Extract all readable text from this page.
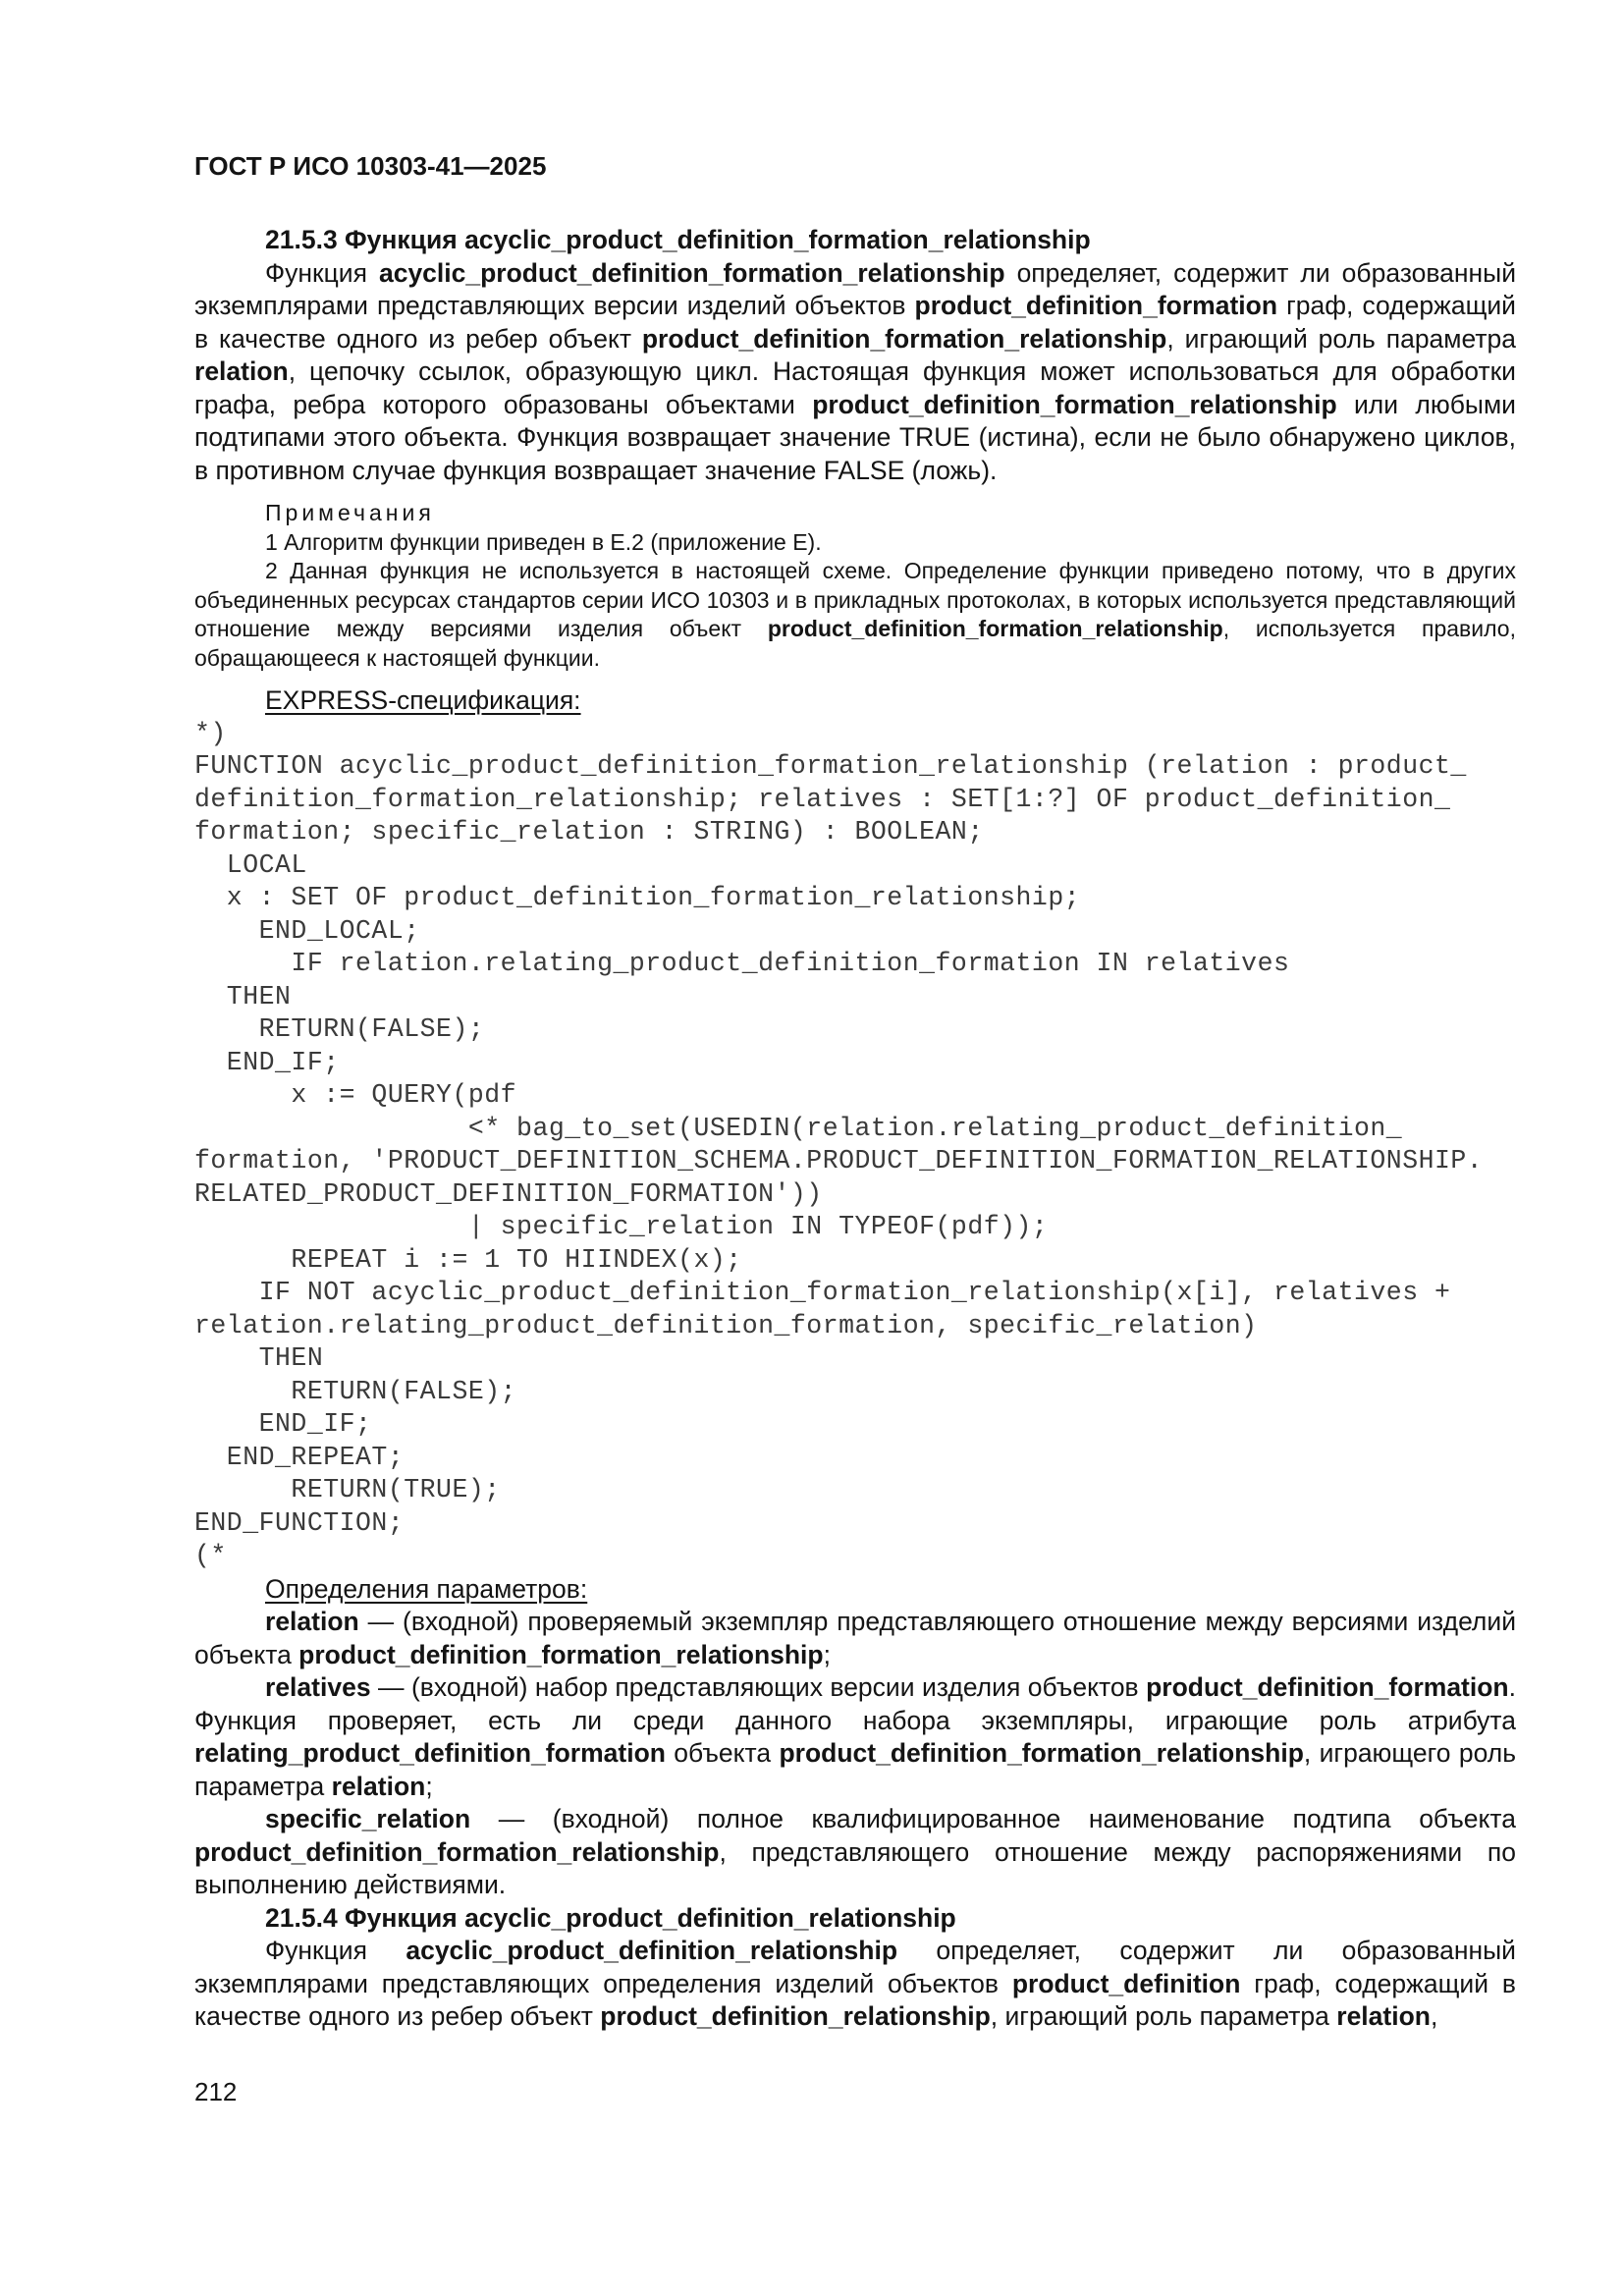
ГОСТ Р ИСО 10303-41—2025

21.5.3 Функция acyclic_product_definition_formation_relationship

Функция acyclic_product_definition_formation_relationship определяет, содержит ли образованный экземплярами представляющих версии изделий объектов product_definition_formation граф, содержащий в качестве одного из ребер объект product_definition_formation_relationship, играющий роль параметра relation, цепочку ссылок, образующую цикл. Настоящая функция может использоваться для обработки графа, ребра которого образованы объектами product_definition_formation_relationship или любыми подтипами этого объекта. Функция возвращает значение TRUE (истина), если не было обнаружено циклов, в противном случае функция возвращает значение FALSE (ложь).

Примечания

1 Алгоритм функции приведен в Е.2 (приложение Е).

2 Данная функция не используется в настоящей схеме. Определение функции приведено потому, что в других объединенных ресурсах стандартов серии ИСО 10303 и в прикладных протоколах, в которых используется представляющий отношение между версиями изделия объект product_definition_formation_relationship, используется правило, обращающееся к настоящей функции.

EXPRESS-спецификация:

*)
FUNCTION acyclic_product_definition_formation_relationship (relation : product_
definition_formation_relationship; relatives : SET[1:?] OF product_definition_
formation; specific_relation : STRING) : BOOLEAN;
LOCAL
x : SET OF product_definition_formation_relationship;
END_LOCAL;
IF relation.relating_product_definition_formation IN relatives
THEN
RETURN(FALSE);
END_IF;
x := QUERY(pdf
<* bag_to_set(USEDIN(relation.relating_product_definition_
formation, 'PRODUCT_DEFINITION_SCHEMA.PRODUCT_DEFINITION_FORMATION_RELATIONSHIP.
RELATED_PRODUCT_DEFINITION_FORMATION'))
| specific_relation IN TYPEOF(pdf));
REPEAT i := 1 TO HIINDEX(x);
IF NOT acyclic_product_definition_formation_relationship(x[i], relatives +
relation.relating_product_definition_formation, specific_relation)
THEN
RETURN(FALSE);
END_IF;
END_REPEAT;
RETURN(TRUE);
END_FUNCTION;
(*

Определения параметров:

relation — (входной) проверяемый экземпляр представляющего отношение между версиями изделий объекта product_definition_formation_relationship;

relatives — (входной) набор представляющих версии изделия объектов product_definition_formation. Функция проверяет, есть ли среди данного набора экземпляры, играющие роль атрибута relating_product_definition_formation объекта product_definition_formation_relationship, играющего роль параметра relation;

specific_relation — (входной) полное квалифицированное наименование подтипа объекта product_definition_formation_relationship, представляющего отношение между распоряжениями по выполнению действиями.

21.5.4 Функция acyclic_product_definition_relationship

Функция acyclic_product_definition_relationship определяет, содержит ли образованный экземплярами представляющих определения изделий объектов product_definition граф, содержащий в качестве одного из ребер объект product_definition_relationship, играющий роль параметра relation,

212
